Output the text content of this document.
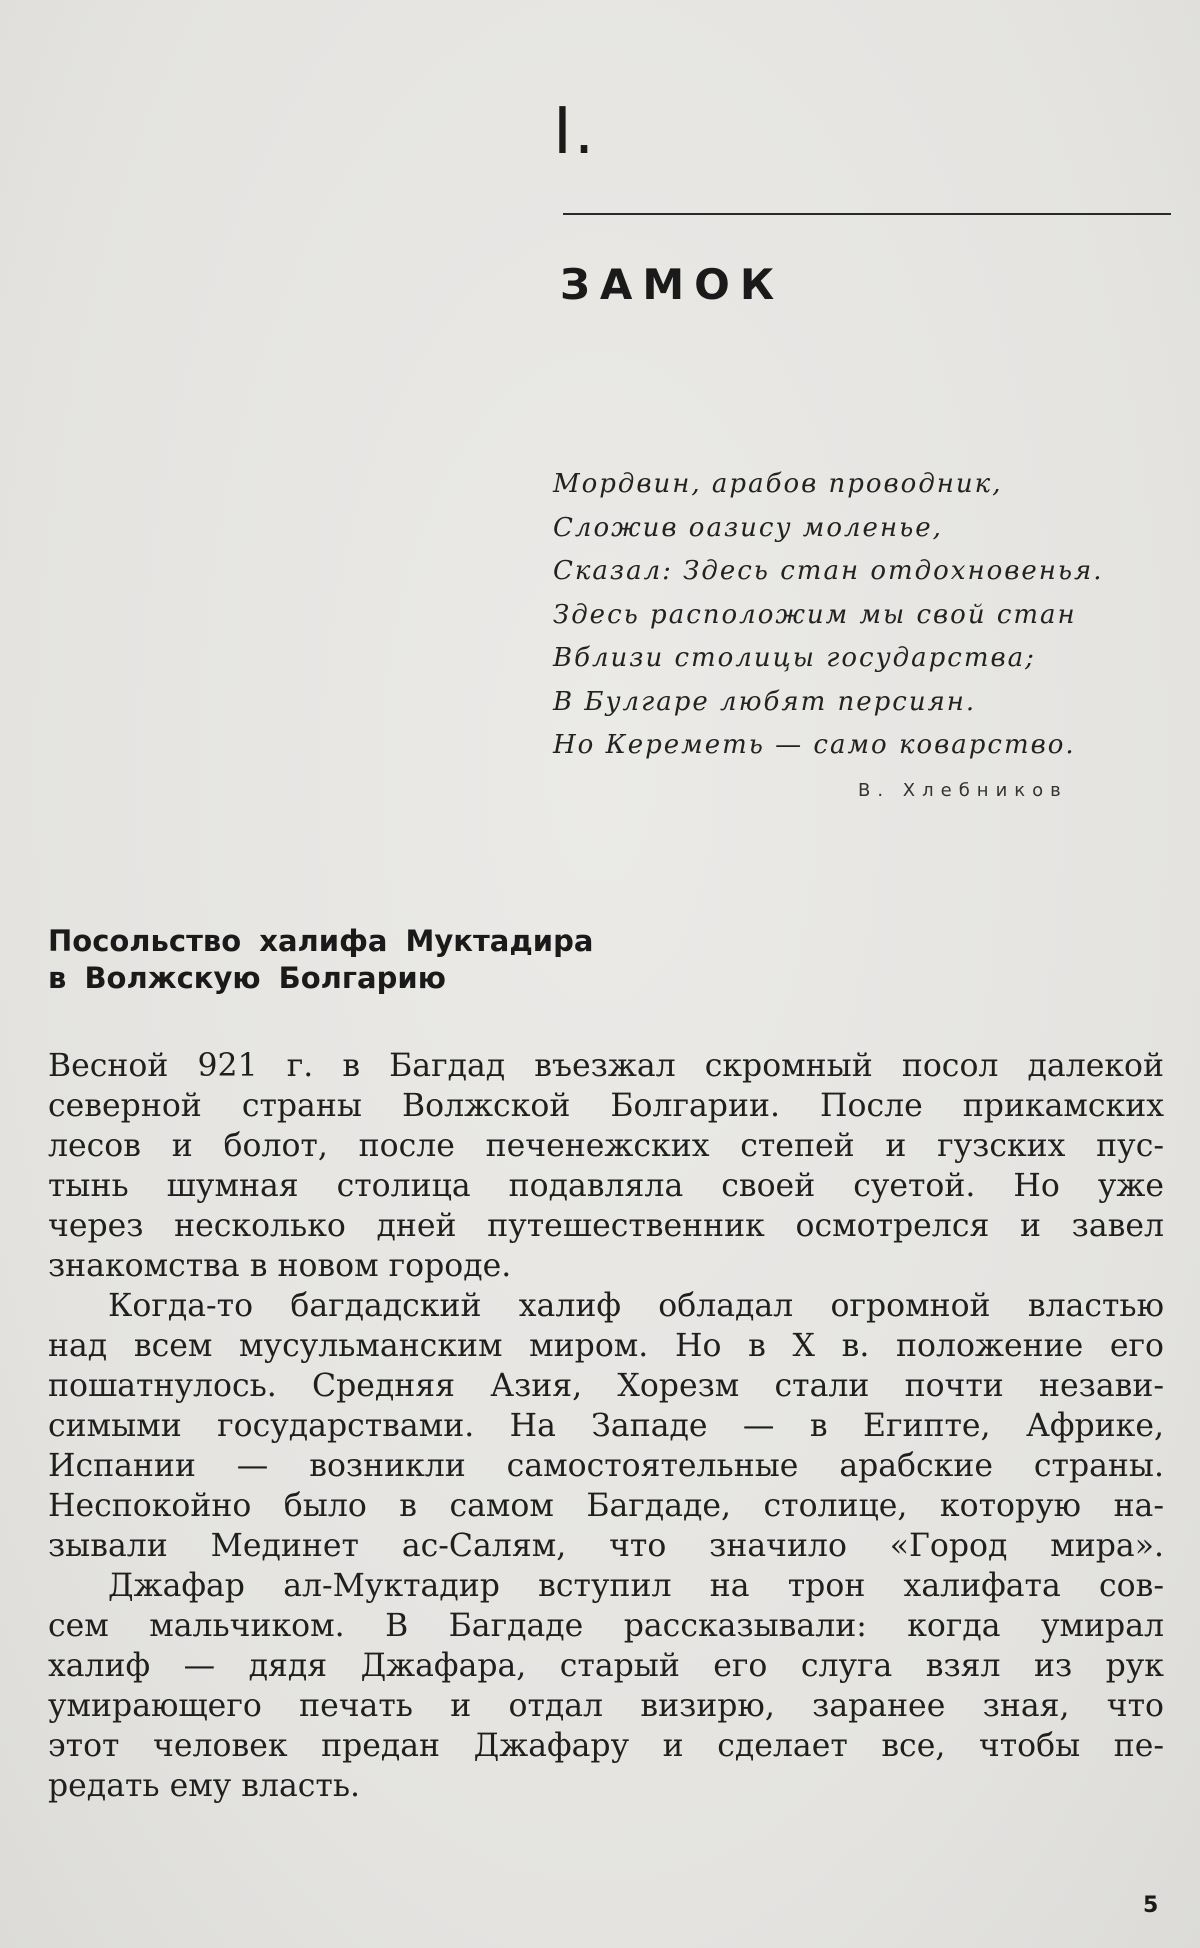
I.
ЗАМОК
Мордвин, арабов проводник,
Сложив оазису моленье,
Сказал: Здесь стан отдохновенья.
Здесь расположим мы свой стан
Вблизи столицы государства;
В Булгаре любят персиян.
Но Кереметь — само коварство.
В. Хлебников
Посольство халифа Муктадира
в Волжскую Болгарию
Весной 921 г. в Багдад въезжал скромный посол далекой
северной страны Волжской Болгарии. После прикамских
лесов и болот, после печенежских степей и гузских пус-
тынь шумная столица подавляла своей суетой. Но уже
через несколько дней путешественник осмотрелся и завел
знакомства в новом городе.
Когда-то багдадский халиф обладал огромной властью
над всем мусульманским миром. Но в X в. положение его
пошатнулось. Средняя Азия, Хорезм стали почти незави-
симыми государствами. На Западе — в Египте, Африке,
Испании — возникли самостоятельные арабские страны.
Неспокойно было в самом Багдаде, столице, которую на-
зывали Мединет ас-Салям, что значило «Город мира».
Джафар ал-Муктадир вступил на трон халифата сов-
сем мальчиком. В Багдаде рассказывали: когда умирал
халиф — дядя Джафара, старый его слуга взял из рук
умирающего печать и отдал визирю, заранее зная, что
этот человек предан Джафару и сделает все, чтобы пе-
редать ему власть.
5
